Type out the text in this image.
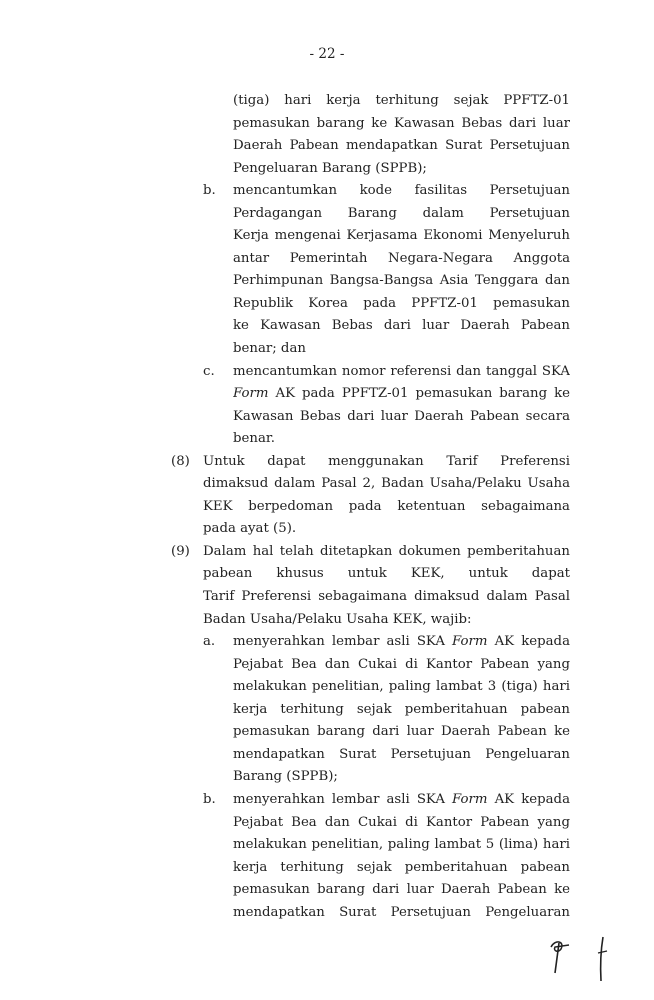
- 22 -
(tiga) hari kerja terhitung sejak PPFTZ-01
pemasukan barang ke Kawasan Bebas dari luar
Daerah Pabean mendapatkan Surat Persetujuan
Pengeluaran Barang (SPPB);
b. mencantumkan kode fasilitas Persetujuan
Perdagangan Barang dalam Persetujuan
Kerja mengenai Kerjasama Ekonomi Menyeluruh
antar Pemerintah Negara-Negara Anggota
Perhimpunan Bangsa-Bangsa Asia Tenggara dan
Republik Korea pada PPFTZ-01 pemasukan
ke Kawasan Bebas dari luar Daerah Pabean
benar; dan
c. mencantumkan nomor referensi dan tanggal SKA
Form AK pada PPFTZ-01 pemasukan barang ke
Kawasan Bebas dari luar Daerah Pabean secara
benar.
(8) Untuk dapat menggunakan Tarif Preferensi
dimaksud dalam Pasal 2, Badan Usaha/Pelaku Usaha
KEK berpedoman pada ketentuan sebagaimana
pada ayat (5).
(9) Dalam hal telah ditetapkan dokumen pemberitahuan
pabean khusus untuk KEK, untuk dapat
Tarif Preferensi sebagaimana dimaksud dalam Pasal
Badan Usaha/Pelaku Usaha KEK, wajib:
a. menyerahkan lembar asli SKA Form AK kepada
Pejabat Bea dan Cukai di Kantor Pabean yang
melakukan penelitian, paling lambat 3 (tiga) hari
kerja terhitung sejak pemberitahuan pabean
pemasukan barang dari luar Daerah Pabean ke
mendapatkan Surat Persetujuan Pengeluaran
Barang (SPPB);
b. menyerahkan lembar asli SKA Form AK kepada
Pejabat Bea dan Cukai di Kantor Pabean yang
melakukan penelitian, paling lambat 5 (lima) hari
kerja terhitung sejak pemberitahuan pabean
pemasukan barang dari luar Daerah Pabean ke
mendapatkan Surat Persetujuan Pengeluaran
